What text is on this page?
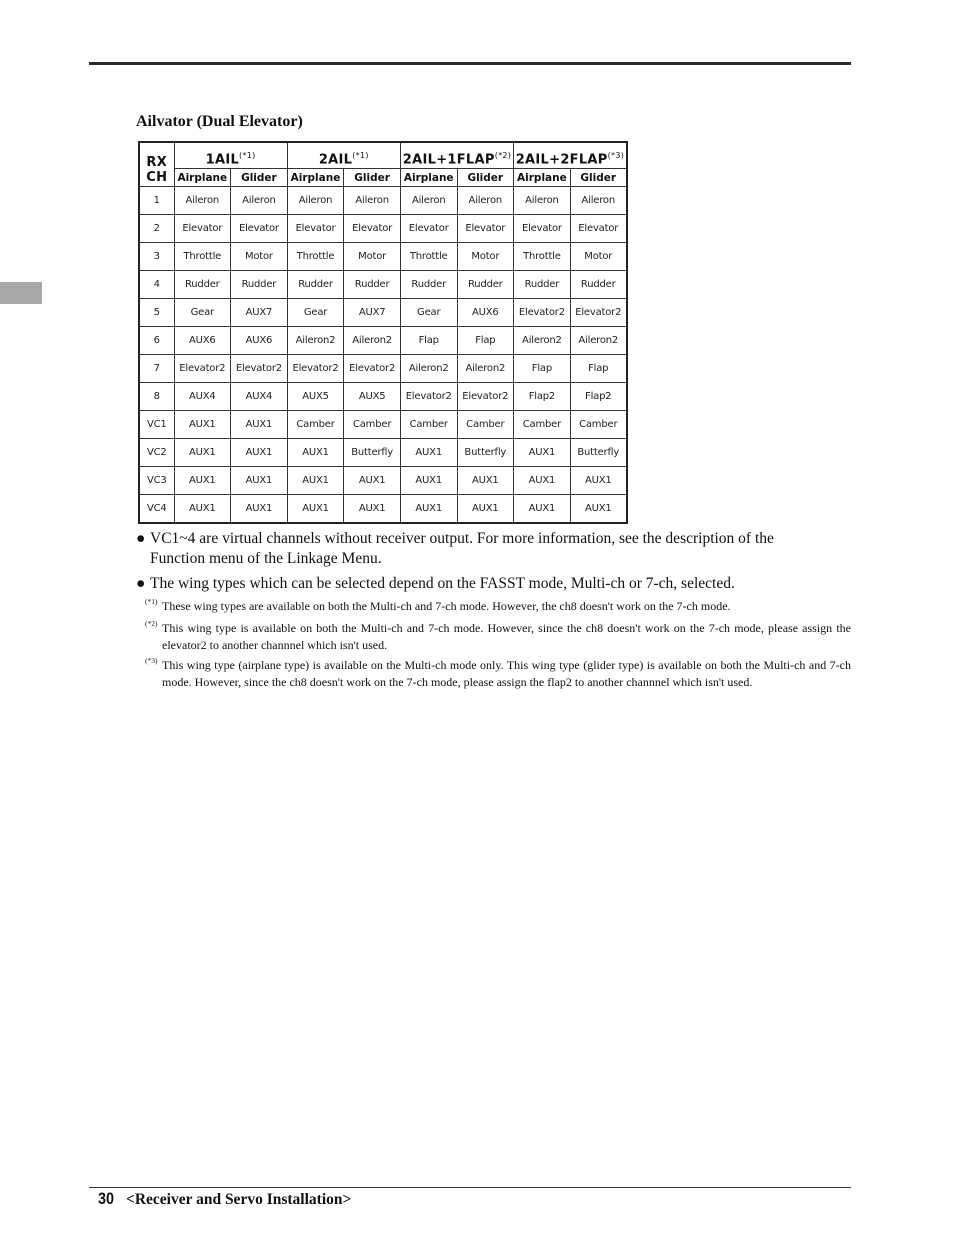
Ailvator (Dual Elevator)
RX
CH	$1AIL^{(*1)}$		$2AIL^{(*1)}$		$2AIL+1FLAP^{(*2)}$		$2AIL+2FLAP^{(*3)}$
	Airplane	Glider	Airplane	Glider	Airplane	Glider	Airplane	Glider
1	Aileron	Aileron	Aileron	Aileron	Aileron	Aileron	Aileron	Aileron
2	Elevator	Elevator	Elevator	Elevator	Elevator	Elevator	Elevator	Elevator
3	Throttle	Motor	Throttle	Motor	Throttle	Motor	Throttle	Motor
4	Rudder	Rudder	Rudder	Rudder	Rudder	Rudder	Rudder	Rudder
5	Gear	AUX7	Gear	AUX7	Gear	AUX6	Elevator2	Elevator2
6	AUX6	AUX6	Aileron2	Aileron2	Flap	Flap	Aileron2	Aileron2
7	Elevator2	Elevator2	Elevator2	Elevator2	Aileron2	Aileron2	Flap	Flap
8	AUX4	AUX4	AUX5	AUX5	Elevator2	Elevator2	Flap2	Flap2
VC1	AUX1	AUX1	Camber	Camber	Camber	Camber	Camber	Camber
VC2	AUX1	AUX1	AUX1	Butterfly	AUX1	Butterfly	AUX1	Butterfly
VC3	AUX1	AUX1	AUX1	AUX1	AUX1	AUX1	AUX1	AUX1
VC4	AUX1	AUX1	AUX1	AUX1	AUX1	AUX1	AUX1	AUX1
● VC1~4 are virtual channels without receiver output. For more information, see the description of the
Function menu of the Linkage Menu.
● The wing types which can be selected depend on the FASST mode, Multi-ch or 7-ch, selected.
(*1) These wing types are available on both the Multi-ch and 7-ch mode. However, the ch8 doesn't work on the 7-ch mode.
(*2) This wing type is available on both the Multi-ch and 7-ch mode. However, since the ch8 doesn't work on the 7-ch mode, please assign the elevator2 to another channnel which isn't used.
(*3) This wing type (airplane type) is available on the Multi-ch mode only. This wing type (glider type) is available on both the Multi-ch and 7-ch mode. However, since the ch8 doesn't work on the 7-ch mode, please assign the flap2 to another channnel which isn't used.
30 <Receiver and Servo Installation>
